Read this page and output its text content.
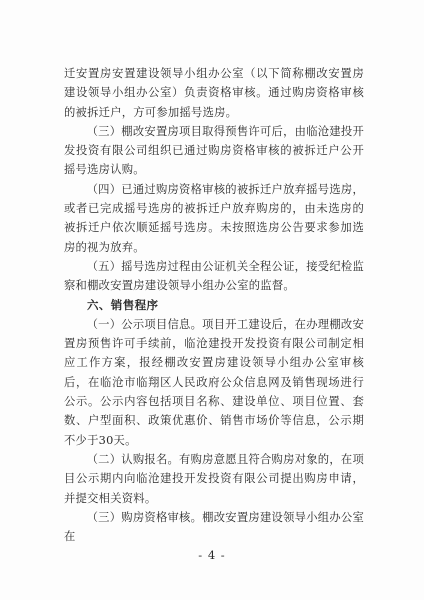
迁安置房安置建设领导小组办公室（以下简称棚改安置房建设领导小组办公室）负责资格审核。通过购房资格审核的被拆迁户，方可参加摇号选房。

（三）棚改安置房项目取得预售许可后，由临沧建投开发投资有限公司组织已通过购房资格审核的被拆迁户公开摇号选房认购。

（四）已通过购房资格审核的被拆迁户放弃摇号选房，或者已完成摇号选房的被拆迁户放弃购房的，由未选房的被拆迁户依次顺延摇号选房。未按照选房公告要求参加选房的视为放弃。

（五）摇号选房过程由公证机关全程公证，接受纪检监察和棚改安置房建设领导小组办公室的监督。

六、销售程序

（一）公示项目信息。项目开工建设后，在办理棚改安置房预售许可手续前，临沧建投开发投资有限公司制定相应工作方案，报经棚改安置房建设领导小组办公室审核后，在临沧市临翔区人民政府公众信息网及销售现场进行公示。公示内容包括项目名称、建设单位、项目位置、套数、户型面积、政策优惠价、销售市场价等信息，公示期不少于30天。

（二）认购报名。有购房意愿且符合购房对象的，在项目公示期内向临沧建投开发投资有限公司提出购房申请，并提交相关资料。

（三）购房资格审核。棚改安置房建设领导小组办公室在

- 4 -
